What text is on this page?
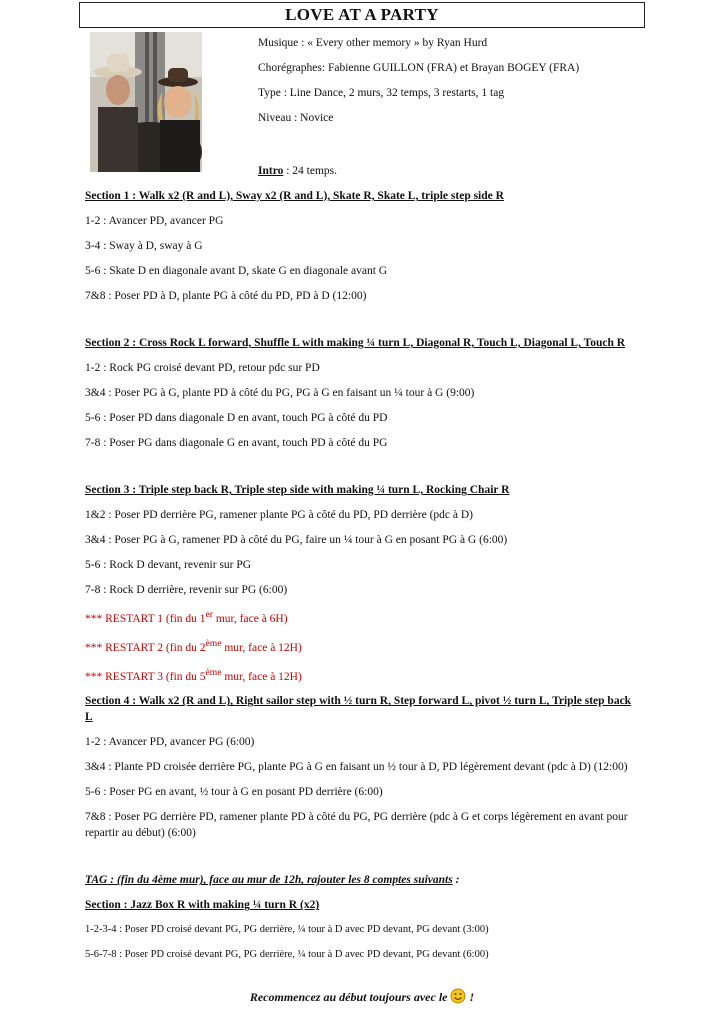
LOVE AT A PARTY
Musique : « Every other memory » by Ryan Hurd
Chorégraphes: Fabienne GUILLON (FRA) et Brayan BOGEY (FRA)
Type : Line Dance, 2 murs, 32 temps, 3 restarts, 1 tag
Niveau : Novice
Intro : 24 temps.
Section 1 : Walk x2 (R and L), Sway x2 (R and L), Skate R, Skate L, triple step side R
1-2 : Avancer PD, avancer PG
3-4 : Sway à D, sway à G
5-6 : Skate D en diagonale avant D, skate G en diagonale avant G
7&8 : Poser PD à D, plante PG à côté du PD, PD à D (12:00)
Section 2 : Cross Rock L forward, Shuffle L with making ¼ turn L, Diagonal R, Touch L, Diagonal L, Touch R
1-2 : Rock PG croisé devant PD, retour pdc sur PD
3&4 : Poser PG à G, plante PD à côté du PG, PG à G en faisant un ¼ tour à G (9:00)
5-6 : Poser PD dans diagonale D en avant, touch PG à côté du PD
7-8 : Poser PG dans diagonale G en avant, touch PD à côté du PG
Section 3 : Triple step back R, Triple step side with making ¼ turn L, Rocking Chair R
1&2 : Poser PD derrière PG, ramener plante PG à côté du PD, PD derrière (pdc à D)
3&4 : Poser PG à G, ramener PD à côté du PG, faire un ¼ tour à G en posant PG à G (6:00)
5-6 : Rock D devant, revenir sur PG
7-8 : Rock D derrière, revenir sur PG (6:00)
*** RESTART 1 (fin du 1er mur, face à 6H)
*** RESTART 2 (fin du 2ème mur, face à 12H)
*** RESTART 3 (fin du 5ème mur, face à 12H)
Section 4 : Walk x2 (R and L), Right sailor step with ½ turn R, Step forward L, pivot ½ turn L, Triple step back L
1-2 : Avancer PD, avancer PG (6:00)
3&4 : Plante PD croisée derrière PG, plante PG à G en faisant un ½ tour à D, PD légèrement devant (pdc à D) (12:00)
5-6 : Poser PG en avant, ½ tour à G en posant PD derrière (6:00)
7&8 : Poser PG derrière PD, ramener plante PD à côté du PG, PG derrière (pdc à G et corps légèrement en avant pour repartir au début) (6:00)
TAG : (fin du 4ème mur), face au mur de 12h, rajouter les 8 comptes suivants :
Section : Jazz Box R with making ¼ turn R (x2)
1-2-3-4 : Poser PD croisé devant PG, PG derrière, ¼ tour à D avec PD devant, PG devant (3:00)
5-6-7-8 : Poser PD croisé devant PG, PG derrière, ¼ tour à D avec PD devant, PG devant (6:00)
Recommencez au début toujours avec le  !
